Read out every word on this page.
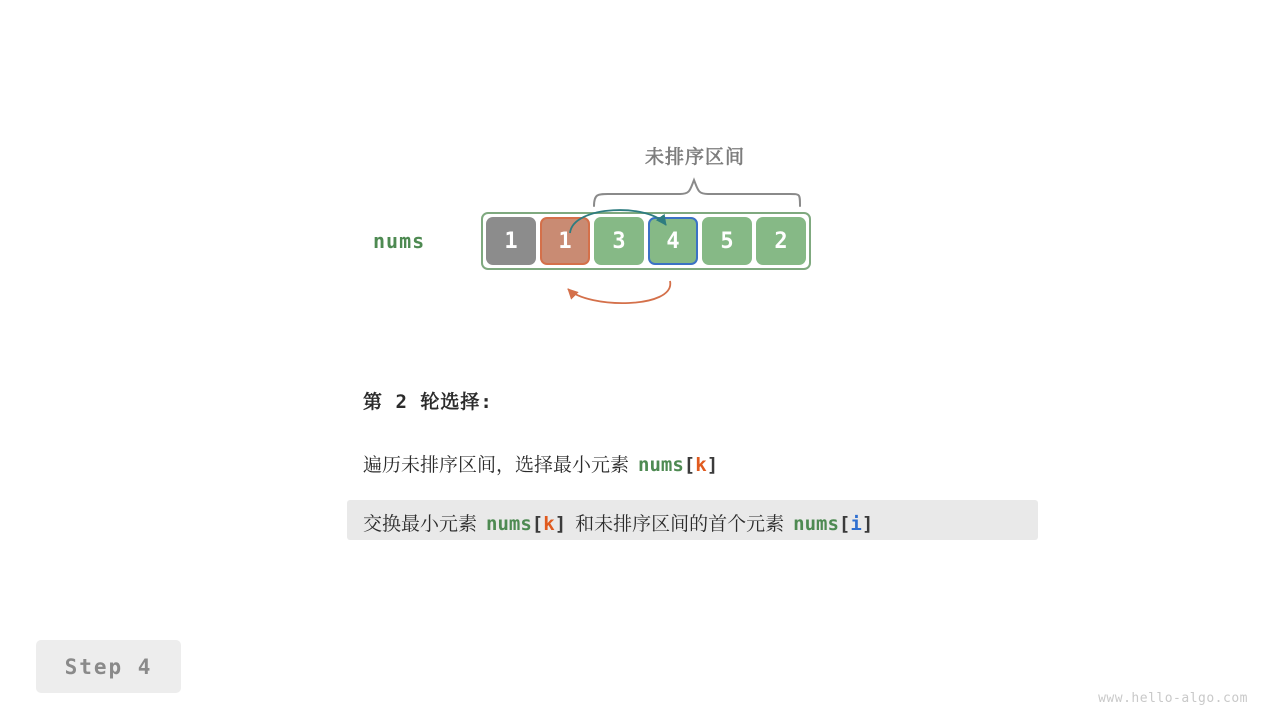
未排序区间
nums	1	1	3	4	5	2
第 2 轮选择:
遍历未排序区间，选择最小元素 nums [ k ]
交换最小元素 nums [ k ] 和未排序区间的首个元素 nums [ i ]
Step 4
www.hello-algo.com
